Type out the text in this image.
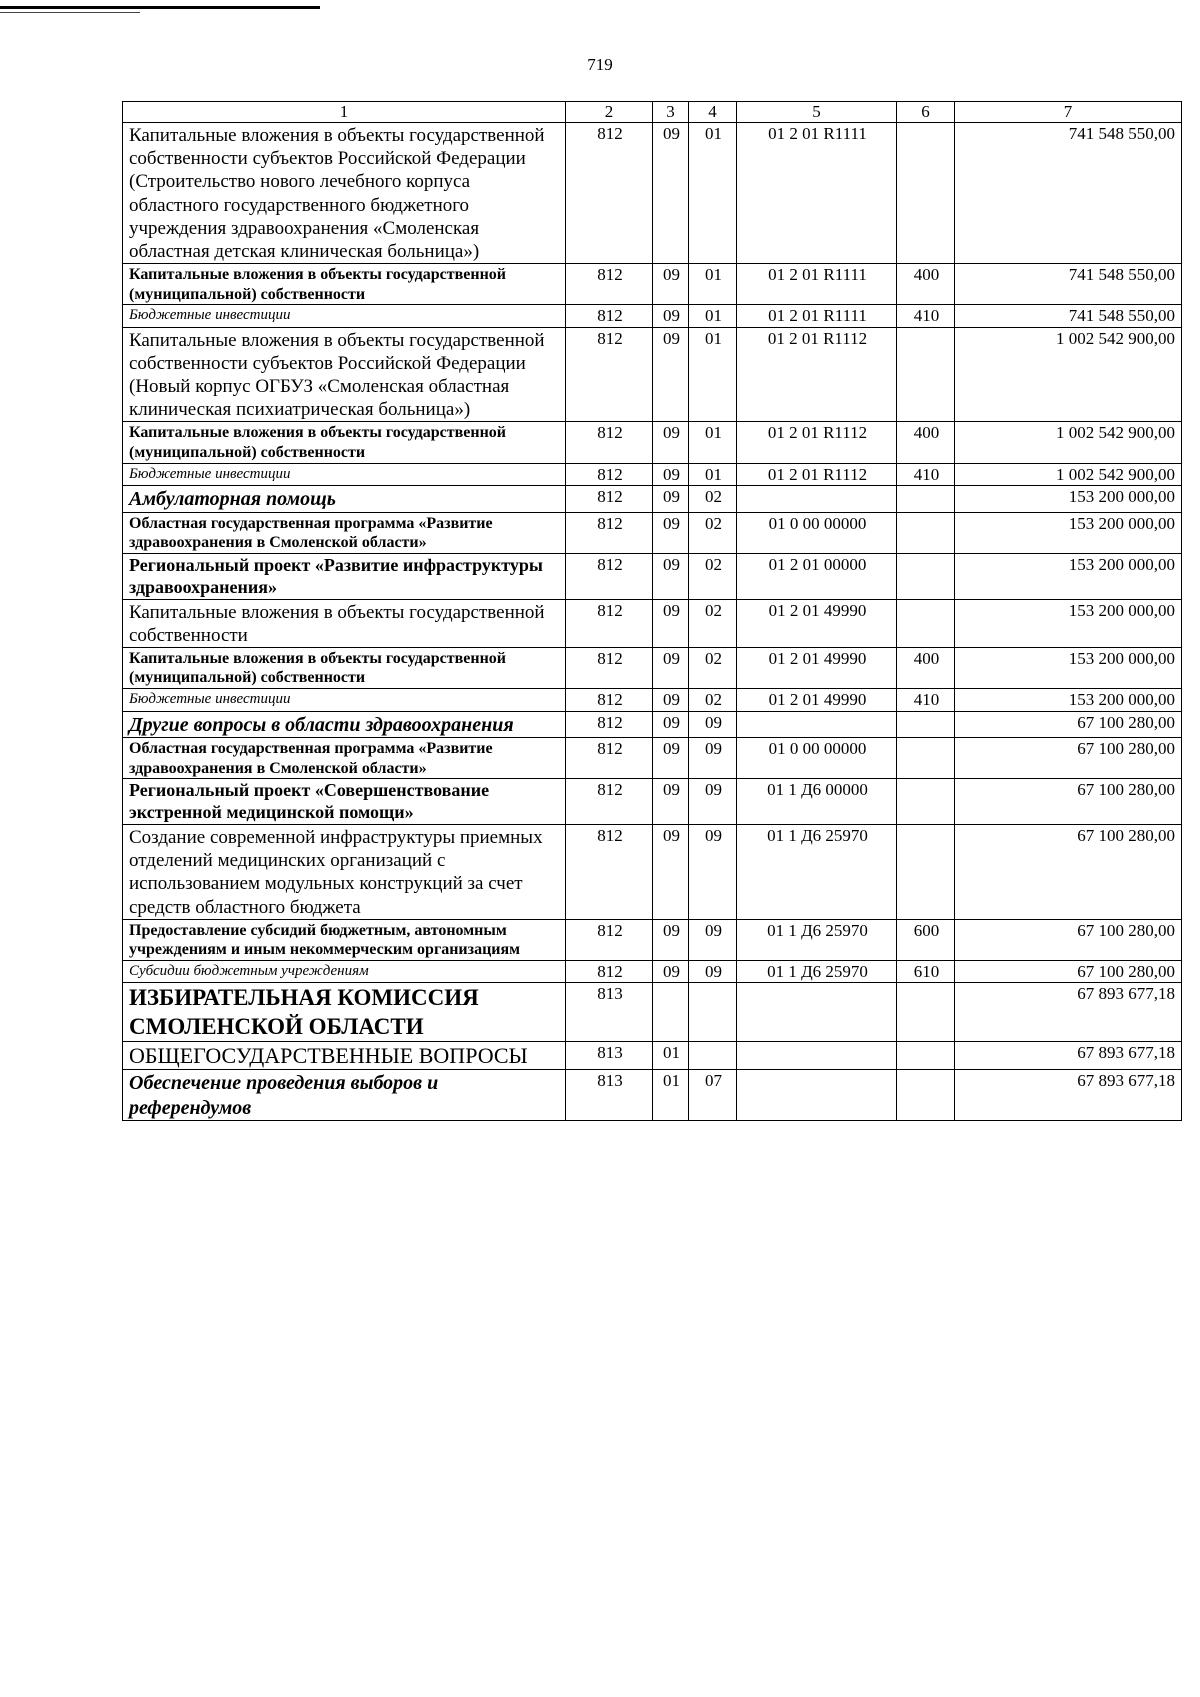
719
1	2	3	4	5	6	7
Капитальные вложения в объекты государственной собственности субъектов Российской Федерации (Строительство нового лечебного корпуса областного государственного бюджетного учреждения здравоохранения «Смоленская областная детская клиническая больница»)	812	09	01	01 2 01 R1111		741 548 550,00
Капитальные вложения в объекты государственной (муниципальной) собственности	812	09	01	01 2 01 R1111	400	741 548 550,00
Бюджетные инвестиции	812	09	01	01 2 01 R1111	410	741 548 550,00
Капитальные вложения в объекты государственной собственности субъектов Российской Федерации (Новый корпус ОГБУЗ «Смоленская областная клиническая психиатрическая больница»)	812	09	01	01 2 01 R1112		1 002 542 900,00
Капитальные вложения в объекты государственной (муниципальной) собственности	812	09	01	01 2 01 R1112	400	1 002 542 900,00
Бюджетные инвестиции	812	09	01	01 2 01 R1112	410	1 002 542 900,00
Амбулаторная помощь	812	09	02			153 200 000,00
Областная государственная программа «Развитие здравоохранения в Смоленской области»	812	09	02	01 0 00 00000		153 200 000,00
Региональный проект «Развитие инфраструктуры здравоохранения»	812	09	02	01 2 01 00000		153 200 000,00
Капитальные вложения в объекты государственной собственности	812	09	02	01 2 01 49990		153 200 000,00
Капитальные вложения в объекты государственной (муниципальной) собственности	812	09	02	01 2 01 49990	400	153 200 000,00
Бюджетные инвестиции	812	09	02	01 2 01 49990	410	153 200 000,00
Другие вопросы в области здравоохранения	812	09	09			67 100 280,00
Областная государственная программа «Развитие здравоохранения в Смоленской области»	812	09	09	01 0 00 00000		67 100 280,00
Региональный проект «Совершенствование экстренной медицинской помощи»	812	09	09	01 1 Д6 00000		67 100 280,00
Создание современной инфраструктуры приемных отделений медицинских организаций с использованием модульных конструкций за счет средств областного бюджета	812	09	09	01 1 Д6 25970		67 100 280,00
Предоставление субсидий бюджетным, автономным учреждениям и иным некоммерческим организациям	812	09	09	01 1 Д6 25970	600	67 100 280,00
Субсидии бюджетным учреждениям	812	09	09	01 1 Д6 25970	610	67 100 280,00
ИЗБИРАТЕЛЬНАЯ КОМИССИЯ СМОЛЕНСКОЙ ОБЛАСТИ	813					67 893 677,18
ОБЩЕГОСУДАРСТВЕННЫЕ ВОПРОСЫ	813	01				67 893 677,18
Обеспечение проведения выборов и референдумов	813	01	07			67 893 677,18
